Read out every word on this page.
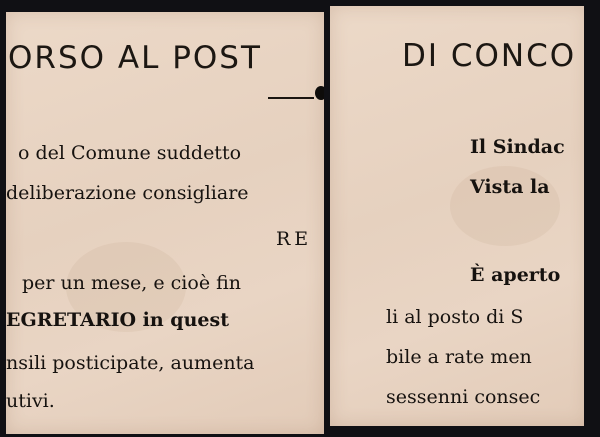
ORSO AL POST
o del Comune suddetto
deliberazione consigliare
RE
per un mese, e cioè fin
EGRETARIO in quest
nsili posticipate, aumenta
utivi.
DI CONCO
Il Sindac
Vista la
È aperto
li al posto di S
bile a rate men
sessenni consec
